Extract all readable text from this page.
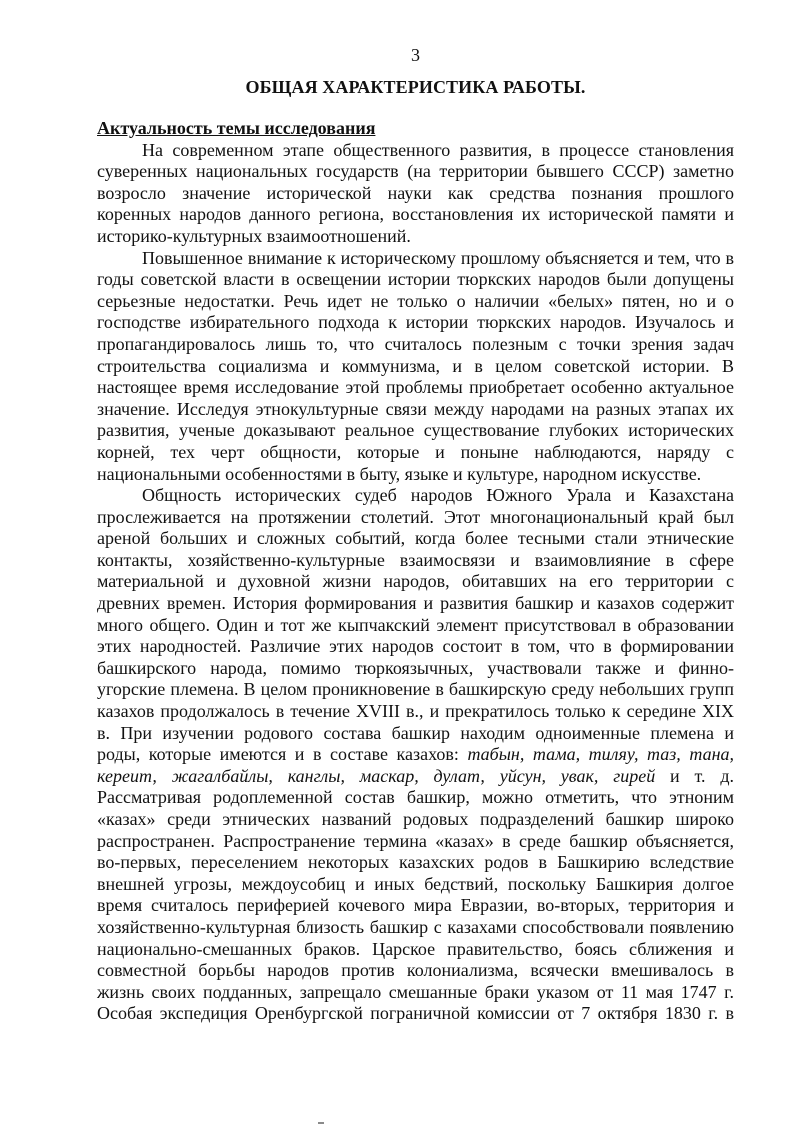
3
ОБЩАЯ ХАРАКТЕРИСТИКА РАБОТЫ.
Актуальность темы исследования
   На современном этапе общественного развития, в процессе становления
суверенных национальных государств (на территории бывшего СССР) заметно
возросло значение исторической науки как средства познания прошлого
коренных народов данного региона, восстановления их исторической памяти и
историко-культурных взаимоотношений.
   Повышенное внимание к историческому прошлому объясняется и тем, что в
годы советской власти в освещении истории тюркских народов были допущены
серьезные недостатки. Речь идет не только о наличии «белых» пятен, но и о
господстве избирательного подхода к истории тюркских народов. Изучалось и
пропагандировалось лишь то, что считалось полезным с точки зрения задач
строительства социализма и коммунизма, и в целом советской истории. В
настоящее время исследование этой проблемы приобретает особенно актуальное
значение. Исследуя этнокультурные связи между народами на разных этапах их
развития, ученые доказывают реальное существование глубоких исторических
корней, тех черт общности, которые и поныне наблюдаются, наряду с
национальными особенностями в быту, языке и культуре, народном искусстве.
   Общность исторических судеб народов Южного Урала и Казахстана
прослеживается на протяжении столетий. Этот многонациональный край был
ареной больших и сложных событий, когда более тесными стали этнические
контакты, хозяйственно-культурные взаимосвязи и взаимовлияние в сфере
материальной и духовной жизни народов, обитавших на его территории с
древних времен. История формирования и развития башкир и казахов содержит
много общего. Один и тот же кыпчакский элемент присутствовал в образовании
этих народностей. Различие этих народов состоит в том, что в формировании
башкирского народа, помимо тюркоязычных, участвовали также и финно-
угорские племена. В целом проникновение в башкирскую среду небольших групп
казахов продолжалось в течение XVIII в., и прекратилось только к середине XIX
в. При изучении родового состава башкир находим одноименные племена и
роды, которые имеются и в составе казахов: табын, тама, тиляу, таз, тана,
кереит, жагалбайлы, канглы, маскар, дулат, уйсун, увак, гирей и т. д.
Рассматривая родоплеменной состав башкир, можно отметить, что этноним
«казах» среди этнических названий родовых подразделений башкир широко
распространен. Распространение термина «казах» в среде башкир объясняется,
во-первых, переселением некоторых казахских родов в Башкирию вследствие
внешней угрозы, междоусобиц и иных бедствий, поскольку Башкирия долгое
время считалось периферией кочевого мира Евразии, во-вторых, территория и
хозяйственно-культурная близость башкир с казахами способствовали появлению
национально-смешанных браков. Царское правительство, боясь сближения и
совместной борьбы народов против колониализма, всячески вмешивалось в
жизнь своих подданных, запрещало смешанные браки указом от 11 мая 1747 г.
Особая экспедиция Оренбургской пограничной комиссии от 7 октября 1830 г. в
